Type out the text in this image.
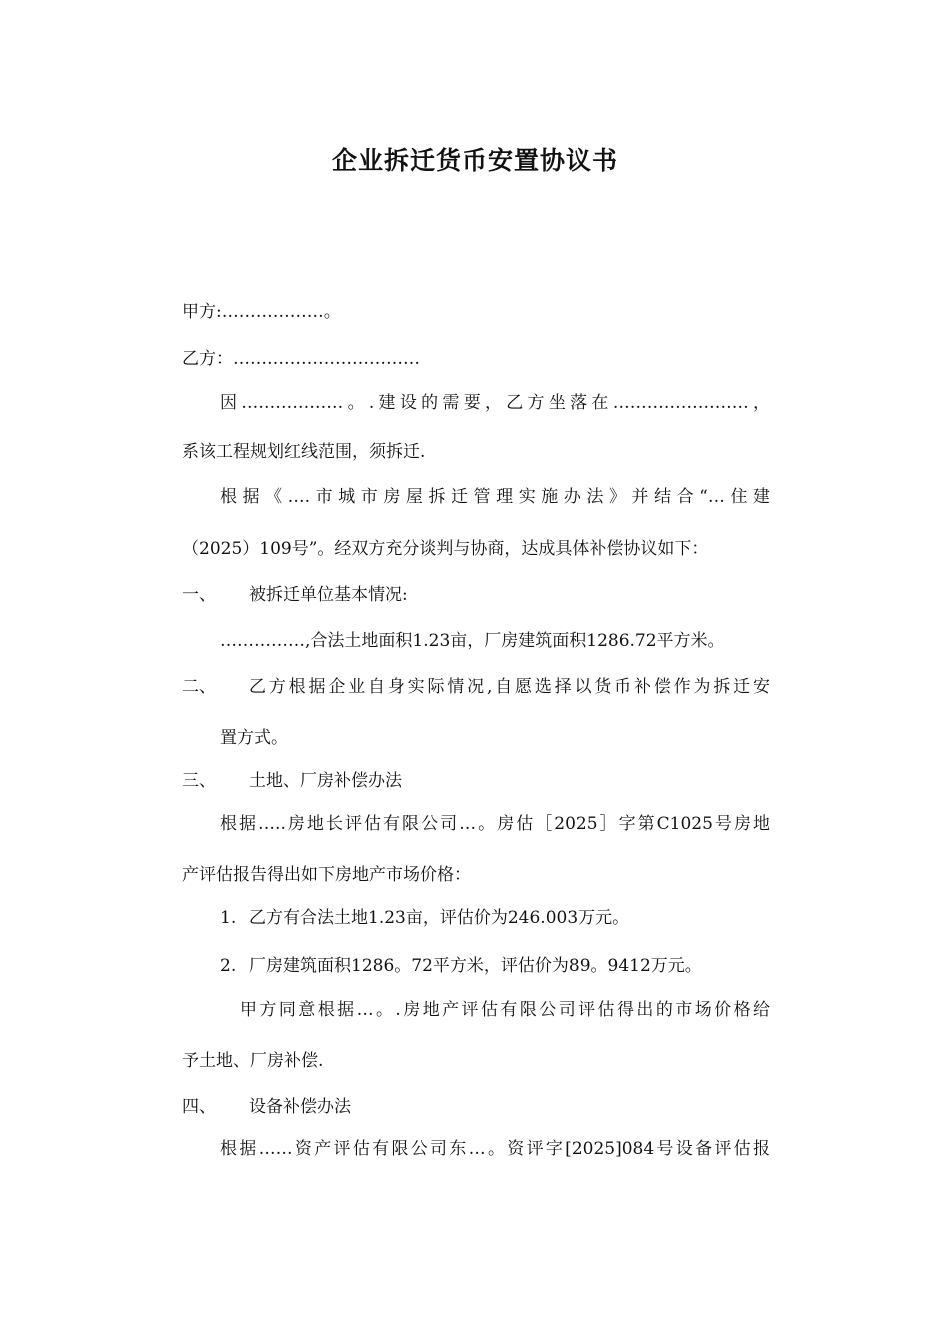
企业拆迁货币安置协议书
甲方:………………。
乙方：……………………………
因………………。.建设的需要，乙方坐落在……………………，
系该工程规划红线范围，须拆迁.
根据《….市城市房屋拆迁管理实施办法》并结合“…住建
（2025）109号”。经双方充分谈判与协商，达成具体补偿协议如下：
一、 被拆迁单位基本情况:
……………,合法土地面积1.23亩，厂房建筑面积1286.72平方米。
二、 乙方根据企业自身实际情况,自愿选择以货币补偿作为拆迁安
置方式。
三、 土地、厂房补偿办法
根据…..房地长评估有限公司…。房估［2025］字第C1025号房地
产评估报告得出如下房地产市场价格：
1. 乙方有合法土地1.23亩，评估价为246.003万元。
2. 厂房建筑面积1286。72平方米，评估价为89。9412万元。
甲方同意根据…。.房地产评估有限公司评估得出的市场价格给
予土地、厂房补偿.
四、 设备补偿办法
根据……资产评估有限公司东…。资评字[2025]084号设备评估报
